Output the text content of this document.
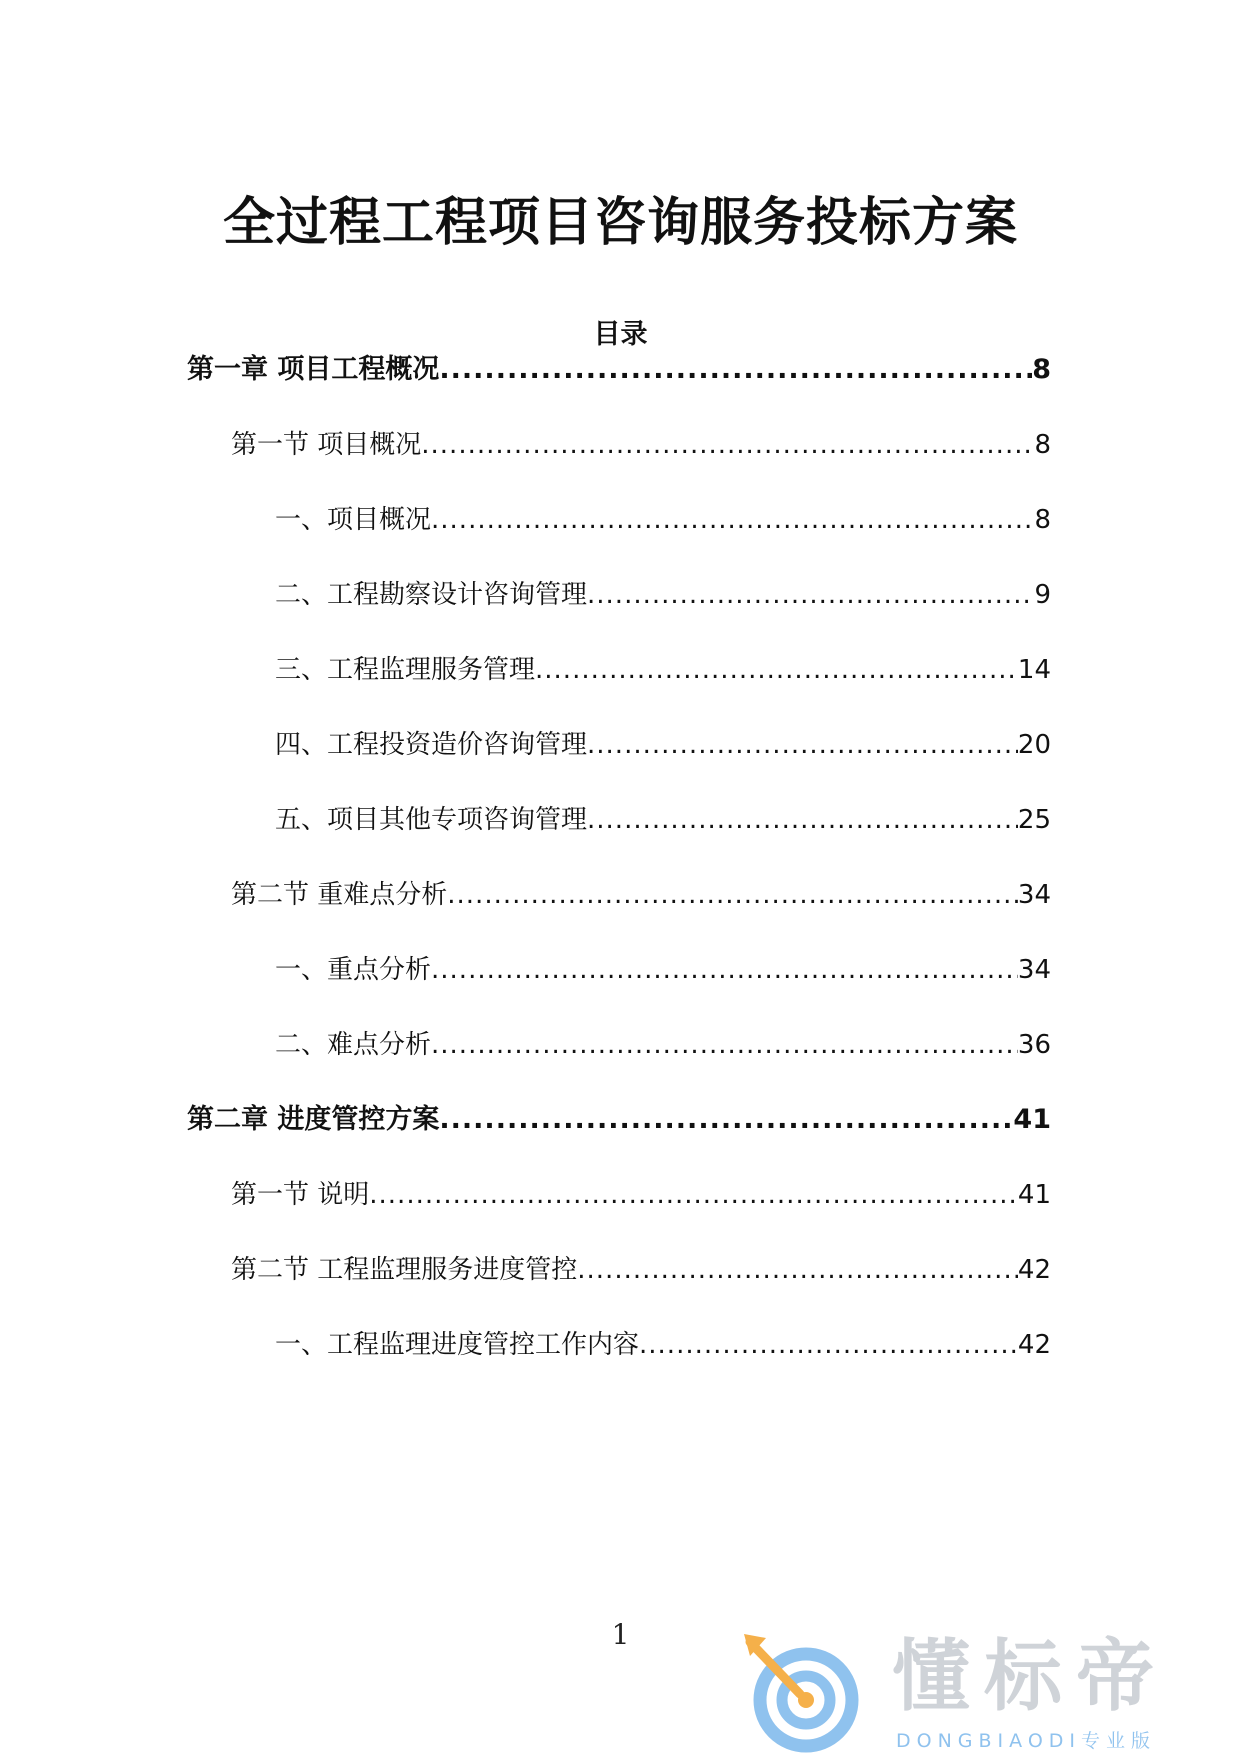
全过程工程项目咨询服务投标方案
目录
第一章 项目工程概况 .....	8
第一节 项目概况 .....	8
一、项目概况 .....	8
二、工程勘察设计咨询管理 .....	9
三、工程监理服务管理 .....	14
四、工程投资造价咨询管理 .....	20
五、项目其他专项咨询管理 .....	25
第二节 重难点分析 .....	34
一、重点分析 .....	34
二、难点分析 .....	36
第二章 进度管控方案 .....	41
第一节 说明 .....	41
第二节 工程监理服务进度管控 .....	42
一、工程监理进度管控工作内容 .....	42
1	懂标帝
DONGBIAODI专业版
